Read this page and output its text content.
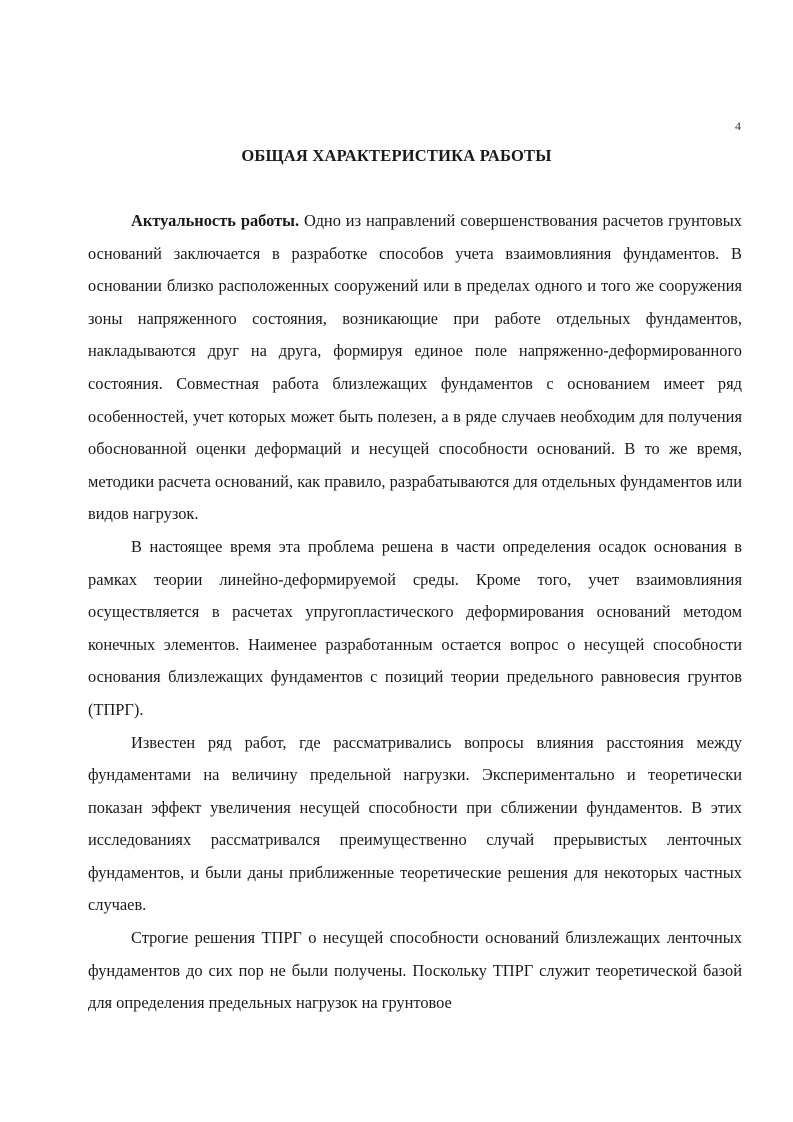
4
ОБЩАЯ ХАРАКТЕРИСТИКА РАБОТЫ

Актуальность работы. Одно из направлений совершенствования расчетов грунтовых оснований заключается в разработке способов учета взаимовлияния фундаментов. В основании близко расположенных сооружений или в пределах одного и того же сооружения зоны напряженного состояния, возникающие при работе отдельных фундаментов, накладываются друг на друга, формируя единое поле напряженно-деформированного состояния. Совместная работа близлежащих фундаментов с основанием имеет ряд особенностей, учет которых может быть полезен, а в ряде случаев необходим для получения обоснованной оценки деформаций и несущей способности оснований. В то же время, методики расчета оснований, как правило, разрабатываются для отдельных фундаментов или видов нагрузок.

В настоящее время эта проблема решена в части определения осадок основания в рамках теории линейно-деформируемой среды. Кроме того, учет взаимовлияния осуществляется в расчетах упругопластического деформирования оснований методом конечных элементов. Наименее разработанным остается вопрос о несущей способности основания близлежащих фундаментов с позиций теории предельного равновесия грунтов (ТПРГ).

Известен ряд работ, где рассматривались вопросы влияния расстояния между фундаментами на величину предельной нагрузки. Экспериментально и теоретически показан эффект увеличения несущей способности при сближении фундаментов. В этих исследованиях рассматривался преимущественно случай прерывистых ленточных фундаментов, и были даны приближенные теоретические решения для некоторых частных случаев.

Строгие решения ТПРГ о несущей способности оснований близлежащих ленточных фундаментов до сих пор не были получены. Поскольку ТПРГ служит теоретической базой для определения предельных нагрузок на грунтовое
